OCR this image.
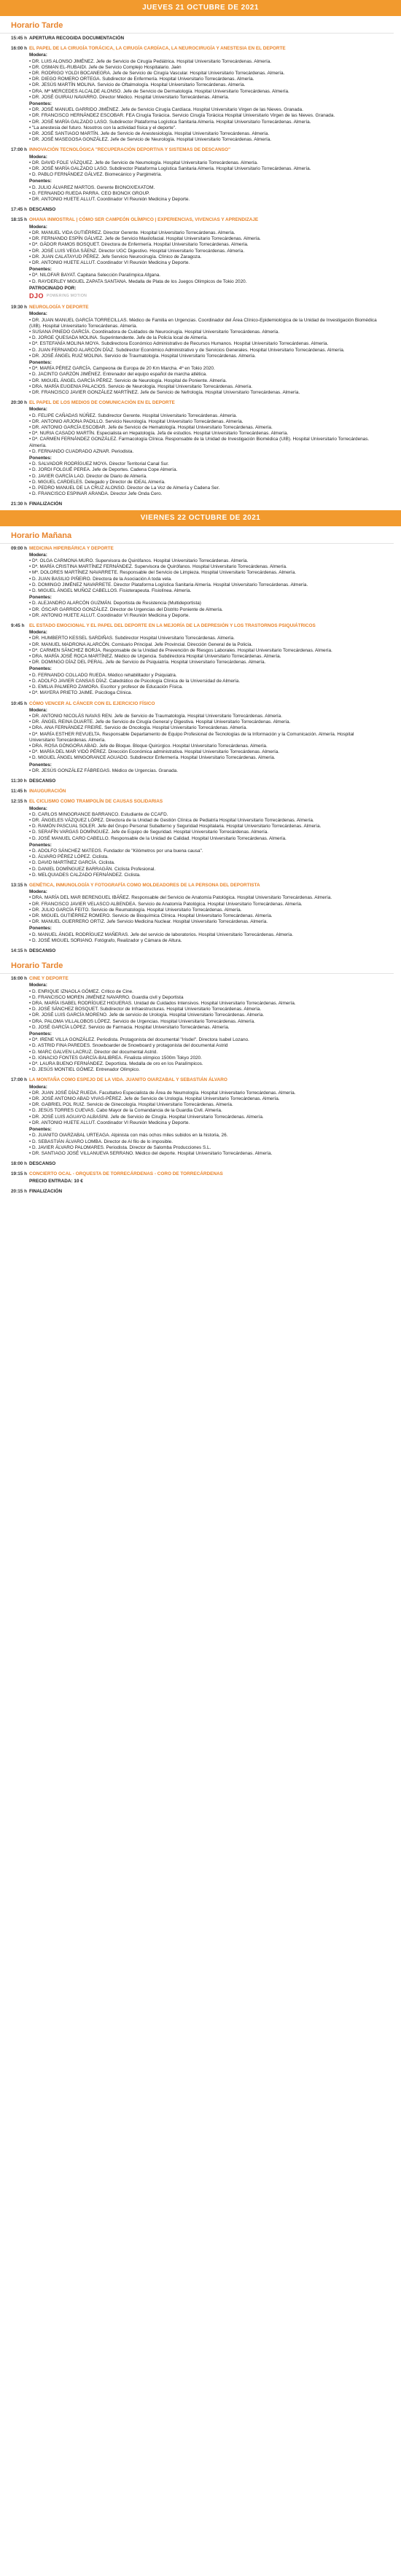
JUEVES 21 OCTUBRE DE 2021
Horario Tarde
15:45 h APERTURA RECOGIDA DOCUMENTACIÓN
16:00 h EL PAPEL DE LA CIRUGÍA TORÁCICA, LA CIRUGÍA CARDÍACA, LA NEUROCIRUGÍA Y ANESTESIA EN EL DEPORTE
Modera:
• DR. LUIS ALONSO JIMÉNEZ. Jefe de Servicio de Cirugía Pediátrica. Hospital Universitario Torrecárdenas. Almería.
• DR. OSMAN EL-RUBAIDI. Jefe de Servicio Complejo Hospitalario. Jaén
• DR. RODRIGO YOLDI BOCANEGRA. Jefe de Servicio de Cirugía Vascular. Hospital Universitario Torrecárdenas. Almería.
• DR. DIEGO ROMERO ORTEGA. Subdirector de Enfermería. Hospital Universitario Torrecárdenas. Almería.
• DR. JESÚS MARTÍN MOLINA. Servicio de Oftalmología. Hospital Universitario Torrecárdenas. Almería.
• DRA. Mª MERCEDES ALCALDE ALONSO. Jefe de Servicio de Dermatología. Hospital Universitario Torrecárdenas. Almería.
• DR. JOSÉ GUIRAU NAVARRO. Director Médico. Hospital Universitario Torrecárdenas. Almería.
Ponentes:
• DR. JOSÉ MANUEL GARRIDO JIMÉNEZ. Jefe de Servicio Cirugía Cardíaca. Hospital Universitario Virgen de las Nieves. Granada.
• DR. FRANCISCO HERNÁNDEZ ESCOBAR. FEA Cirugía Torácica. Servicio Cirugía Torácica Hospital Universitario Virgen de las Nieves. Granada.
• DR. JOSÉ MARÍA GALZADO LASO. Subdirector Plataforma Logística Sanitaria Almería. Hospital Universitario Torrecárdenas. Almería.
• "La anestesia del futuro. Nosotros con la actividad física y el deporte".
• DR. JOSÉ SANTIAGO MARTÍN. Jefe de Servicio de Anestesiología. Hospital Universitario Torrecárdenas. Almería.
• DR. JOSÉ MASEGOSA GONZÁLEZ. Jefe de Servicio de Neurología. Hospital Universitario Torrecárdenas. Almería.
17:00 h INNOVACIÓN TECNOLÓGICA "RECUPERACIÓN DEPORTIVA Y SISTEMAS DE DESCANSO"
Modera:
• DR. DAVID FOLE VÁZQUEZ. Jefe de Servicio de Neumología. Hospital Universitario Torrecárdenas. Almería.
• DR. JOSÉ MARÍA GALZADO LASO. Subdirector Plataforma Logística Sanitaria Almería. Hospital Universitario Torrecárdenas. Almería.
• D. PABLO FERNÁNDEZ GÁLVEZ. Biomecánico y Pargimetría.
Ponentes:
• D. JULIO ÁLVAREZ MARTOS. Gerente BIONOX/EXATOM.
• D. FERNANDO RUEDA PARRA. CEO BIONOX GROUP.
• DR. ANTONIO HUETE ALLUT. Coordinador VI Reunión Medicina y Deporte.
17:45 h DESCANSO
18:15 h OHANA INMOSTRAL | CÓMO SER CAMPEÓN OLÍMPICO | EXPERIENCIAS, VIVENCIAS Y APRENDIZAJE
Modera:
• DR. MANUEL VIDA GUTIÉRREZ. Director Gerente. Hospital Universitario Torrecárdenas. Almería.
• DR. FERNANDO ESPÍN GÁLVEZ. Jefe de Servicio Maxilofacial. Hospital Universitario Torrecárdenas. Almería.
• Dª. GÁDOR RAMOS BOSQUET. Directora de Enfermería. Hospital Universitario Torrecárdenas. Almería.
• DR. JOSÉ LUIS VEGA SÁENZ. Director UGC Digestivo. Hospital Universitario Torrecárdenas. Almería.
• DR. JUAN CALATAYUD PÉREZ. Jefe Servicio Neurocirugía. Clínico de Zaragoza.
• DR. ANTONIO HUETE ALLUT. Coordinador VI Reunión Medicina y Deporte.
Ponentes:
• Dª. NILOFAR BAYAT. Capitana Selección Paralímpica Afgana.
• D. RAYDERLEY MIGUEL ZAPATA SANTANA. Medalla de Plata de los Juegos Olímpicos de Tokio 2020.
PATROCINADO POR:
DJO POWERING MOTION
19:30 h NEUROLOGÍA Y DEPORTE
Modera:
• DR. JUAN MANUEL GARCÍA TORRECILLAS. Médico de Familia en Urgencias. Coordinador del Área Clínico-Epidemiológica de la Unidad de Investigación Biomédica (UIB). Hospital Universitario Torrecárdenas. Almería.
• SUSANA PINEDO GARCÍA. Coordinadora de Cuidados de Neurocirugía. Hospital Universitario Torrecárdenas. Almería.
• D. JORGE QUESADA MOLINA. Superintendente. Jefe de la Policía local de Almería.
• Dª. ESTEFANÍA MOLINA MOYA. Subdirectora Económico Administrativo de Recursos Humanos. Hospital Universitario Torrecárdenas. Almería.
• D. JUAN FERNANDO ALARCÓN DÍAZ. Subdirector Económico Administrativo y de Servicios Generales. Hospital Universitario Torrecárdenas. Almería.
• DR. JOSÉ ÁNGEL RUIZ MOLINA. Servicio de Traumatología. Hospital Universitario Torrecárdenas. Almería.
Ponentes:
• Dª. MARÍA PÉREZ GARCÍA. Campeona de Europa de 20 Km Marcha. 4º en Tokio 2020.
• D. JACINTO GARZÓN JIMÉNEZ. Entrenador del equipo español de marcha atlética.
• DR. MIGUEL ÁNGEL GARCÍA PÉREZ. Servicio de Neurología. Hospital de Poniente. Almería.
• DRA. MARÍA EUGENIA PALACIOS. Servicio de Neurología. Hospital Universitario Torrecárdenas. Almería.
• DR. FRANCISCO JAVIER GONZÁLEZ MARTÍNEZ. Jefe de Servicio de Nefrología. Hospital Universitario Torrecárdenas. Almería.
20:30 h EL PAPEL DE LOS MEDIOS DE COMUNICACIÓN EN EL DEPORTE
Modera:
• D. FELIPE CAÑADAS NÚÑEZ. Subdirector Gerente. Hospital Universitario Torrecárdenas. Almería.
• DR. ANTONIO ARJONA PADILLO. Servicio Neurología. Hospital Universitario Torrecárdenas. Almería.
• DR. ANTONIO GARCÍA ESCOBAR. Jefe de Servicio de Hematología. Hospital Universitario Torrecárdenas. Almería.
• Dª. NURIA CASADO MARTÍN. Especialista en Hepatología. Jefa de estudios. Hospital Universitario Torrecárdenas. Almería.
• Dª. CARMEN FERNÁNDEZ GONZÁLEZ. Farmacología Clínica. Responsable de la Unidad de Investigación Biomédica (UIB). Hospital Universitario Torrecárdenas. Almería.
• D. FERNANDO CUADRADO AZNAR. Periodista.
Ponentes:
• D. SALVADOR RODRÍGUEZ MOYA. Director Territorial Canal Sur.
• D. JORDI FOLGUÉ PEREA. Jefe de Deportes. Cadena Cope Almería.
• D. JAVIER GARCÍA LAO. Director de Diario de Almería.
• D. MIGUEL CARDELES. Delegado y Director de IDEAL Almería.
• D. PEDRO MANUEL DE LA CRUZ ALONSO. Director de La Voz de Almería y Cadena Ser.
• D. FRANCISCO ESPINAR ARANDA. Director Jefe Onda Cero.
21:30 h FINALIZACIÓN
VIERNES 22 OCTUBRE DE 2021
Horario Mañana
09:00 h MEDICINA HIPERBÁRICA Y DEPORTE
Modera:
• Dª. OLGA CARMONA MURO. Supervisora de Quirófanos. Hospital Universitario Torrecárdenas. Almería.
• Dª. MARÍA CRISTINA MARTÍNEZ FERNÁNDEZ. Supervisora de Quirófanos. Hospital Universitario Torrecárdenas. Almería.
• Mª. DOLORES MARTÍNEZ NAVARRETE. Responsable del Servicio de Limpieza. Hospital Universitario Torrecárdenas. Almería.
• D. JUAN BASILIO PIÑEIRO. Directora de la Asociación A toda vela.
• D. DOMINGO JIMÉNEZ NAVARRETE. Director Plataforma Logística Sanitaria Almería. Hospital Universitario Torrecárdenas. Almería.
• D. MIGUEL ÁNGEL MUÑOZ CABELLOS. Fisioterapeuta. Fisiolínea. Almería.
Ponentes:
• D. ALEJANDRO ALARCÓN GUZMÁN. Deportista de Resistencia (Multideportista)
• DR. ÓSCAR GARRIDO GONZÁLEZ. Director de Urgencias del Distrito Poniente de Almería.
• DR. ANTONIO HUETE ALLUT. Coordinador VI Reunión Medicina y Deporte.
9:45 h	EL ESTADO EMOCIONAL Y EL PAPEL DEL DEPORTE EN LA MEJORÍA DE LA DEPRESIÓN Y LOS TRASTORNOS PSIQUIÁTRICOS
Modera:
• DR. HUMBERTO KESSEL SARDIÑAS. Subdirector Hospital Universitario Torrecárdenas. Almería.
• DR. MANUEL MADRONA ALARCÓN. Comisario Principal. Jefe Provincial. Dirección General de la Policía.
• Dª. CARMEN SÁNCHEZ BORJA. Responsable de la Unidad de Prevención de Riesgos Laborales. Hospital Universitario Torrecárdenas. Almería.
• DRA. MARÍA JOSÉ ROCA MARTÍNEZ. Médico de Urgencia. Subdirectora Hospital Universitario Torrecárdenas. Almería.
• DR. DOMINGO DÍAZ DEL PERAL. Jefe de Servicio de Psiquiatría. Hospital Universitario Torrecárdenas. Almería.
Ponentes:
• D. FERNANDO COLLADO RUEDA. Médico rehabilitador y Psiquiatra.
• D. ADOLFO JAVIER CANSAS DÍAZ. Catedrático de Psicología Clínica de la Universidad de Almería.
• D. EMILIA PALMERO ZAMORA. Escritor y profesor de Educación Física.
• Dª. MAYERA PRIETO JAIME. Psicóloga Clínica.
10:45 h CÓMO VENCER AL CÁNCER CON EL EJERCICIO FÍSICO
Modera:
• DR. ANTONIO NICOLÁS NAVAS REN. Jefe de Servicio de Traumatología. Hospital Universitario Torrecárdenas. Almería.
• DR. ÁNGEL REINA DUARTE. Jefe de Servicio de Cirugía General y Digestiva. Hospital Universitario Torrecárdenas. Almería.
• DRA. ANA FERNÁNDEZ FREIRE. Servicio de Oncología. Hospital Universitario Torrecárdenas. Almería.
• Dª. MARÍA ESTHER REVUELTA. Responsable Departamento de Equipo Profesional de Tecnologías de la Información y la Comunicación. Almería. Hospital Universitario Torrecárdenas. Almería.
• DRA. ROSA GÓNGORA ABAD. Jefe de Bloque. Bloque Quirúrgico. Hospital Universitario Torrecárdenas. Almería.
• Dª. MARÍA DEL MAR VIDÓ PÉREZ. Dirección Económica administrativa. Hospital Universitario Torrecárdenas. Almería.
• D. MIGUEL ÁNGEL MINGORANCE AGUADO. Subdirector Enfermería. Hospital Universitario Torrecárdenas. Almería.
Ponentes:
• DR. JESÚS GONZÁLEZ FÁBREGAS. Médico de Urgencias. Granada.
11:30 h DESCANSO
11:45 h INAUGURACIÓN
12:15 h EL CICLISMO COMO TRAMPOLÍN DE CAUSAS SOLIDARIAS
Modera:
• D. CARLOS MINGORANCE BARRANCO. Estudiante de CCAFD.
• DR. ÁNGELES VÁZQUEZ LÓPEZ. Directora de la Unidad de Gestión Clínica de Pediatría Hospital Universitario Torrecárdenas. Almería.
• D. RAMÓN PASCUAL SOLER. Jefe del Grupo Personal Subalterno y Seguridad Hospitalaria. Hospital Universitario Torrecárdenas. Almería.
• D. SERAFÍN VARGAS DOMÍNGUEZ. Jefe de Equipo de Seguridad. Hospital Universitario Torrecárdenas. Almería.
• D. JOSÉ MANUEL CARO CABELLO. Responsable de la Unidad de Calidad. Hospital Universitario Torrecárdenas. Almería.
Ponentes:
• D. ADOLFO SÁNCHEZ MATEOS. Fundador de "Kilómetros por una buena causa".
• D. ÁLVARO PÉREZ LÓPEZ. Ciclista.
• D. DAVID MARTÍNEZ GARCÍA. Ciclista.
• D. DANIEL DOMÍNGUEZ BARRAGÁN. Ciclista Profesional.
• D. MELQUIADES CALZADO FERNÁNDEZ. Ciclista.
13:15 h GENÉTICA, INMUNOLOGÍA Y FOTOGRAFÍA COMO MOLDEADORES DE LA PERSONA DEL DEPORTISTA
Modera:
• DRA. MARÍA DEL MAR BERENGUEL IBÁÑEZ. Responsable del Servicio de Anatomía Patológica. Hospital Universitario Torrecárdenas. Almería.
• DR. FRANCISCO JAVIER VELASCO ALBENDEA. Servicio de Anatomía Patológica. Hospital Universitario Torrecárdenas. Almería.
• DR. JULIO GARCÍA FEITO. Servicio de Reumatología. Hospital Universitario Torrecárdenas. Almería.
• DR. MIGUEL GUTIÉRREZ ROMERO. Servicio de Bioquímica Clínica. Hospital Universitario Torrecárdenas. Almería.
• DR. MANUEL GUERRERO ORTIZ. Jefe Servicio Medicina Nuclear. Hospital Universitario Torrecárdenas. Almería.
Ponentes:
• D. MANUEL ÁNGEL RODRÍGUEZ MAÑERAS. Jefe del servicio de laboratorios. Hospital Universitario Torrecárdenas. Almería.
• D. JOSÉ MIGUEL SORIANO. Fotógrafo, Realizador y Cámara de Altura.
14:15 h DESCANSO
Horario Tarde
16:00 h CINE Y DEPORTE
Modera:
• D. ENRIQUE IZNAOLA GÓMEZ. Crítico de Cine.
• D. FRANCISCO MOREN JIMÉNEZ NAVARRO. Guardia civil y Deportista
• DRA. MARÍA ISABEL RODRÍGUEZ HIGUERAS. Unidad de Cuidados Intensivos. Hospital Universitario Torrecárdenas. Almería.
• D. JOSÉ SÁNCHEZ BOSQUET. Subdirector de Infraestructuras. Hospital Universitario Torrecárdenas. Almería.
• DR. JOSÉ LUIS GARCÍA MORENO. Jefe de servicio de Urología. Hospital Universitario Torrecárdenas. Almería.
• DRA. PALOMA VILLALOBOS LÓPEZ. Servicio de Urgencias. Hospital Universitario Torrecárdenas. Almería.
• D. JOSÉ GARCÍA LÓPEZ. Servicio de Farmacia. Hospital Universitario Torrecárdenas. Almería.
Ponentes:
• Dª. IRENE VILLA GONZÁLEZ. Periodista. Protagonista del documental "Irisdel". Directora Isabel Lozano.
• D. ASTRID FINA PAREDES. Snowboarder de Snowboard y protagonista del documental Astrid
• D. MARC GALVEN LACRUZ. Director del documental Astrid.
• D. IGNACIO FONTES GARCÍA-BALIBREA. Finalista olímpico 1500m Tokyo 2020.
• Dª. LAURA BUENO FERNÁNDEZ. Deportista. Medalla de oro en los Paralímpicos.
• D. JESÚS MONTIEL GÓMEZ. Entrenador Olímpico.
17:00 h LA MONTAÑA COMO ESPEJO DE LA VIDA. JUANITO OIARZABAL Y SEBASTIÁN ÁLVARO
Modera:
• DR. JUAN JOSÉ DÍAZ RUEDA. Facultativo Especialista de Área de Neumología. Hospital Universitario Torrecárdenas. Almería.
• DR. JOSÉ ANTONIO ABAD VIVAS-PÉREZ. Jefe de Servicio de Urología. Hospital Universitario Torrecárdenas. Almería.
• DR. GABRIEL POL RUIZ. Servicio de Ginecología. Hospital Universitario Torrecárdenas. Almería.
• D. JESÚS TORRES CUEVAS. Cabo Mayor de la Comandancia de la Guardia Civil. Almería.
• DR. JOSÉ LUIS AGUAYO ALBASINI. Jefe de Servicio de Cirugía. Hospital Universitario Torrecárdenas. Almería.
• DR. ANTONIO HUETE ALLUT. Coordinador VI Reunión Medicina y Deporte.
Ponentes:
• D. JUANITO OIARZABAL URTEAGA. Alpinista con más ochos miles subidos en la historia, 26.
• D. SEBASTIÁN ÁLVARO LOMBA. Director de Al filo de lo imposible.
• D. JAVIER ÁLVARO PALOMARES. Periodista. Director de Salomba Producciones S.L.
• DR. SANTIAGO JOSÉ VILLANUEVA SERRANO. Médico del deporte. Hospital Universitario Torrecárdenas. Almería.
18:00 h DESCANSO
19:15 h CONCIERTO OCAL - ORQUESTA DE TORRECÁRDENAS - CORO DE TORRECÁRDENAS
PRECIO ENTRADA: 10 €
20:15 h FINALIZACIÓN
